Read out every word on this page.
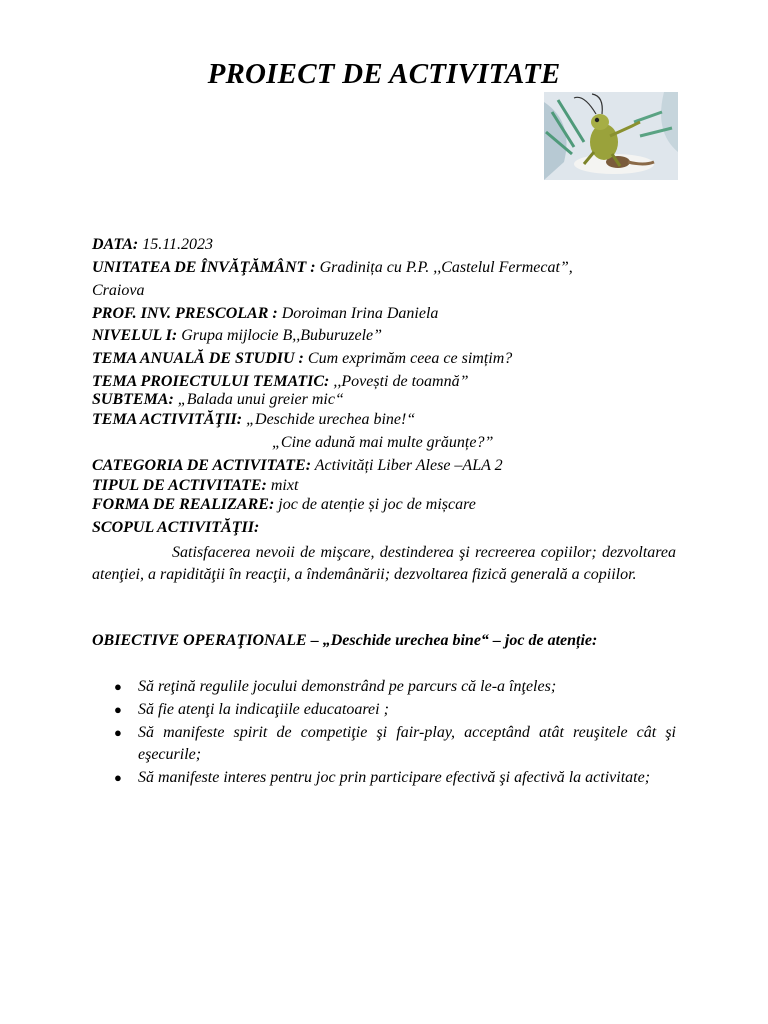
PROIECT DE ACTIVITATE
DATA: 15.11.2023
UNITATEA DE ÎNVĂŢĂMÂNT : Gradinița cu P.P. ,,Castelul Fermecat”,
Craiova
PROF. INV. PRESCOLAR : Doroiman Irina Daniela
NIVELUL I: Grupa mijlocie B,,Buburuzele”
TEMA ANUALĂ DE STUDIU : Cum exprimăm ceea ce simțim?
TEMA PROIECTULUI TEMATIC: ,,Povești de toamnă”
SUBTEMA: „Balada unui greier mic“
TEMA ACTIVITĂŢII: „Deschide urechea bine!“
„Cine adună mai multe grăunțe?”
CATEGORIA DE ACTIVITATE: Activități Liber Alese –ALA 2
TIPUL DE ACTIVITATE: mixt
FORMA DE REALIZARE: joc de atenție și joc de mișcare
SCOPUL ACTIVITĂŢII:
Satisfacerea nevoii de mişcare, destinderea şi recreerea copiilor; dezvoltarea atenţiei, a rapidităţii în reacţii, a îndemânării; dezvoltarea fizică generală a copiilor.
OBIECTIVE OPERAŢIONALE – „Deschide urechea bine“ – joc de atenție:
● Să reţină regulile jocului demonstrând pe parcurs că le-a înţeles;
● Să fie atenţi la indicaţiile educatoarei ;
● Să manifeste spirit de competiţie şi fair-play, acceptând atât reuşitele cât şi eşecurile;
● Să manifeste interes pentru joc prin participare efectivă şi afectivă la activitate;
